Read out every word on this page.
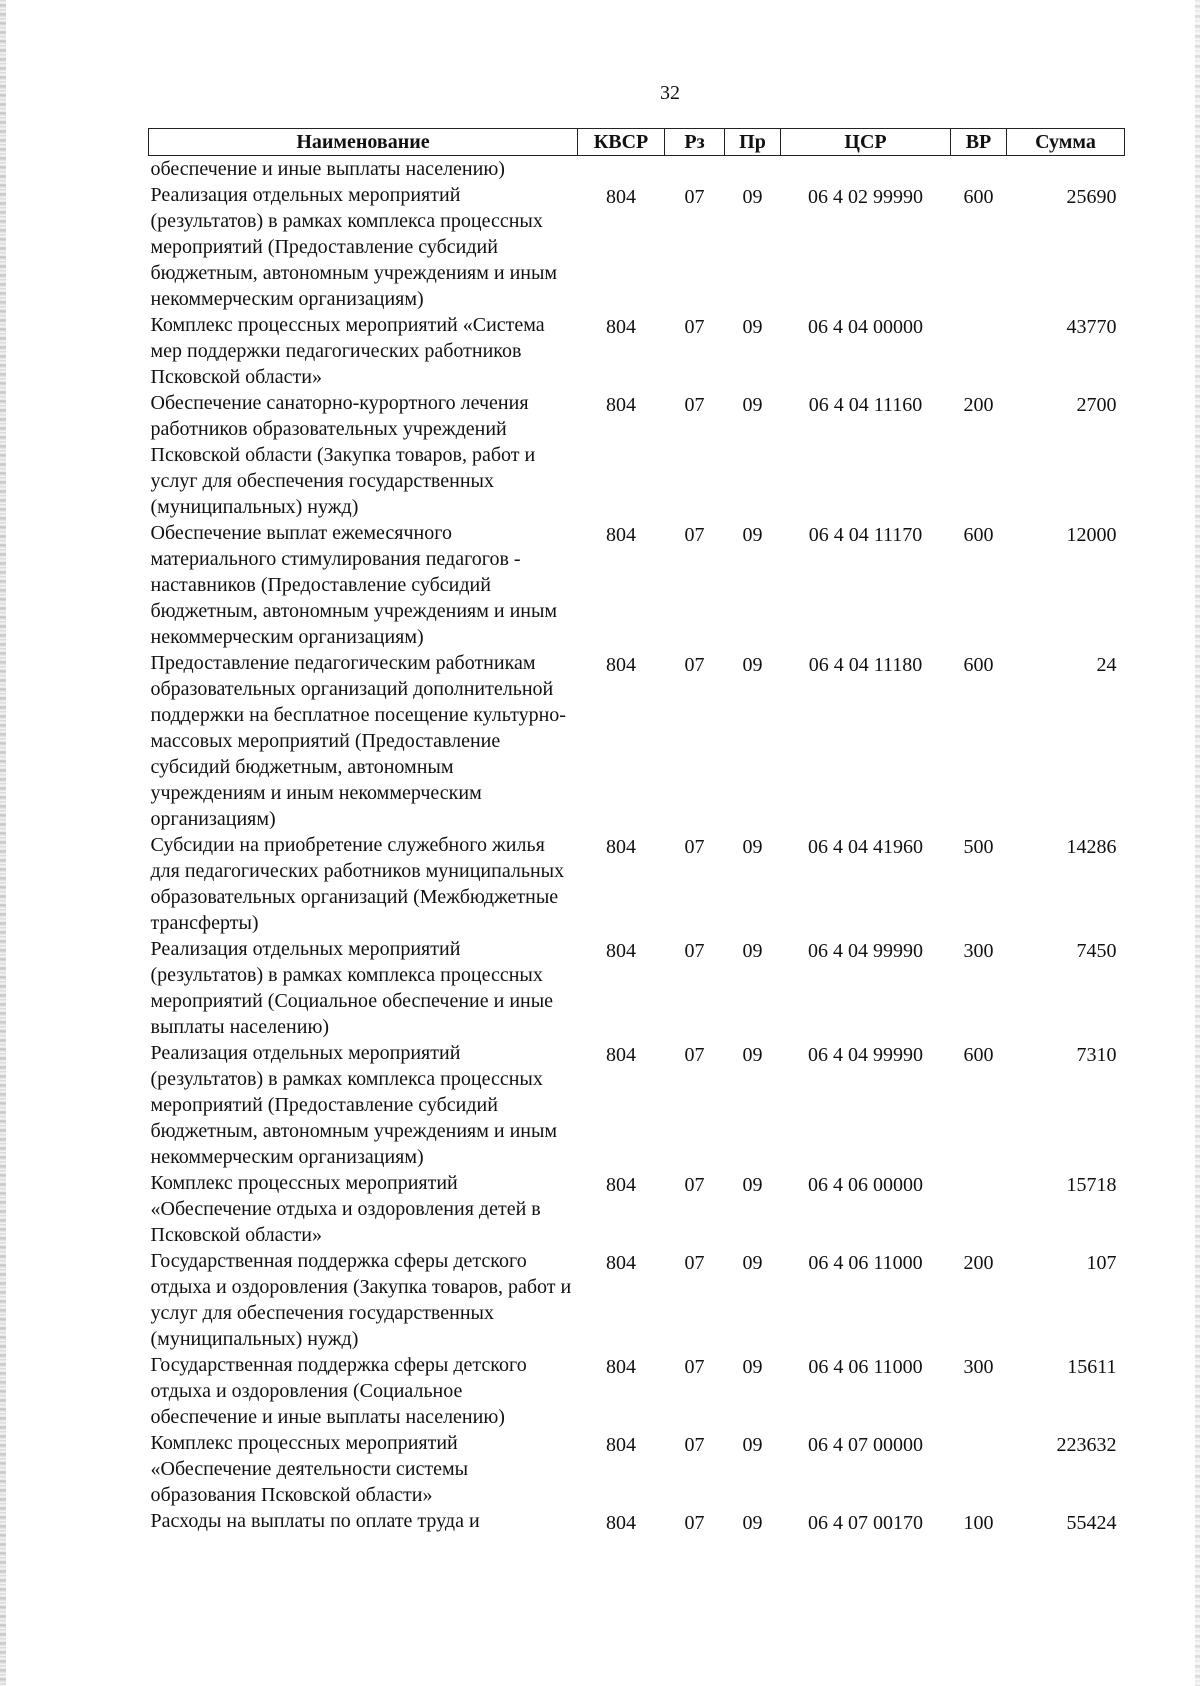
32
Наименование	КВСР	Рз	Пр	ЦСР	ВР	Сумма
обеспечение и иные выплаты населению)						
Реализация отдельных мероприятий (результатов) в рамках комплекса процессных мероприятий (Предоставление субсидий бюджетным, автономным учреждениям и иным некоммерческим организациям)	804	07	09	06 4 02 99990	600	25690
Комплекс процессных мероприятий «Система мер поддержки педагогических работников Псковской области»	804	07	09	06 4 04 00000		43770
Обеспечение санаторно-курортного лечения работников образовательных учреждений Псковской области (Закупка товаров, работ и услуг для обеспечения государственных (муниципальных) нужд)	804	07	09	06 4 04 11160	200	2700
Обеспечение выплат ежемесячного материального стимулирования педагогов - наставников (Предоставление субсидий бюджетным, автономным учреждениям и иным некоммерческим организациям)	804	07	09	06 4 04 11170	600	12000
Предоставление педагогическим работникам образовательных организаций дополнительной поддержки на бесплатное посещение культурно-массовых мероприятий (Предоставление субсидий бюджетным, автономным учреждениям и иным некоммерческим организациям)	804	07	09	06 4 04 11180	600	24
Субсидии на приобретение служебного жилья для педагогических работников муниципальных образовательных организаций (Межбюджетные трансферты)	804	07	09	06 4 04 41960	500	14286
Реализация отдельных мероприятий (результатов) в рамках комплекса процессных мероприятий (Социальное обеспечение и иные выплаты населению)	804	07	09	06 4 04 99990	300	7450
Реализация отдельных мероприятий (результатов) в рамках комплекса процессных мероприятий (Предоставление субсидий бюджетным, автономным учреждениям и иным некоммерческим организациям)	804	07	09	06 4 04 99990	600	7310
Комплекс процессных мероприятий «Обеспечение отдыха и оздоровления детей в Псковской области»	804	07	09	06 4 06 00000		15718
Государственная поддержка сферы детского отдыха и оздоровления (Закупка товаров, работ и услуг для обеспечения государственных (муниципальных) нужд)	804	07	09	06 4 06 11000	200	107
Государственная поддержка сферы детского отдыха и оздоровления (Социальное обеспечение и иные выплаты населению)	804	07	09	06 4 06 11000	300	15611
Комплекс процессных мероприятий «Обеспечение деятельности системы образования Псковской области»	804	07	09	06 4 07 00000		223632
Расходы на выплаты по оплате труда и	804	07	09	06 4 07 00170	100	55424
